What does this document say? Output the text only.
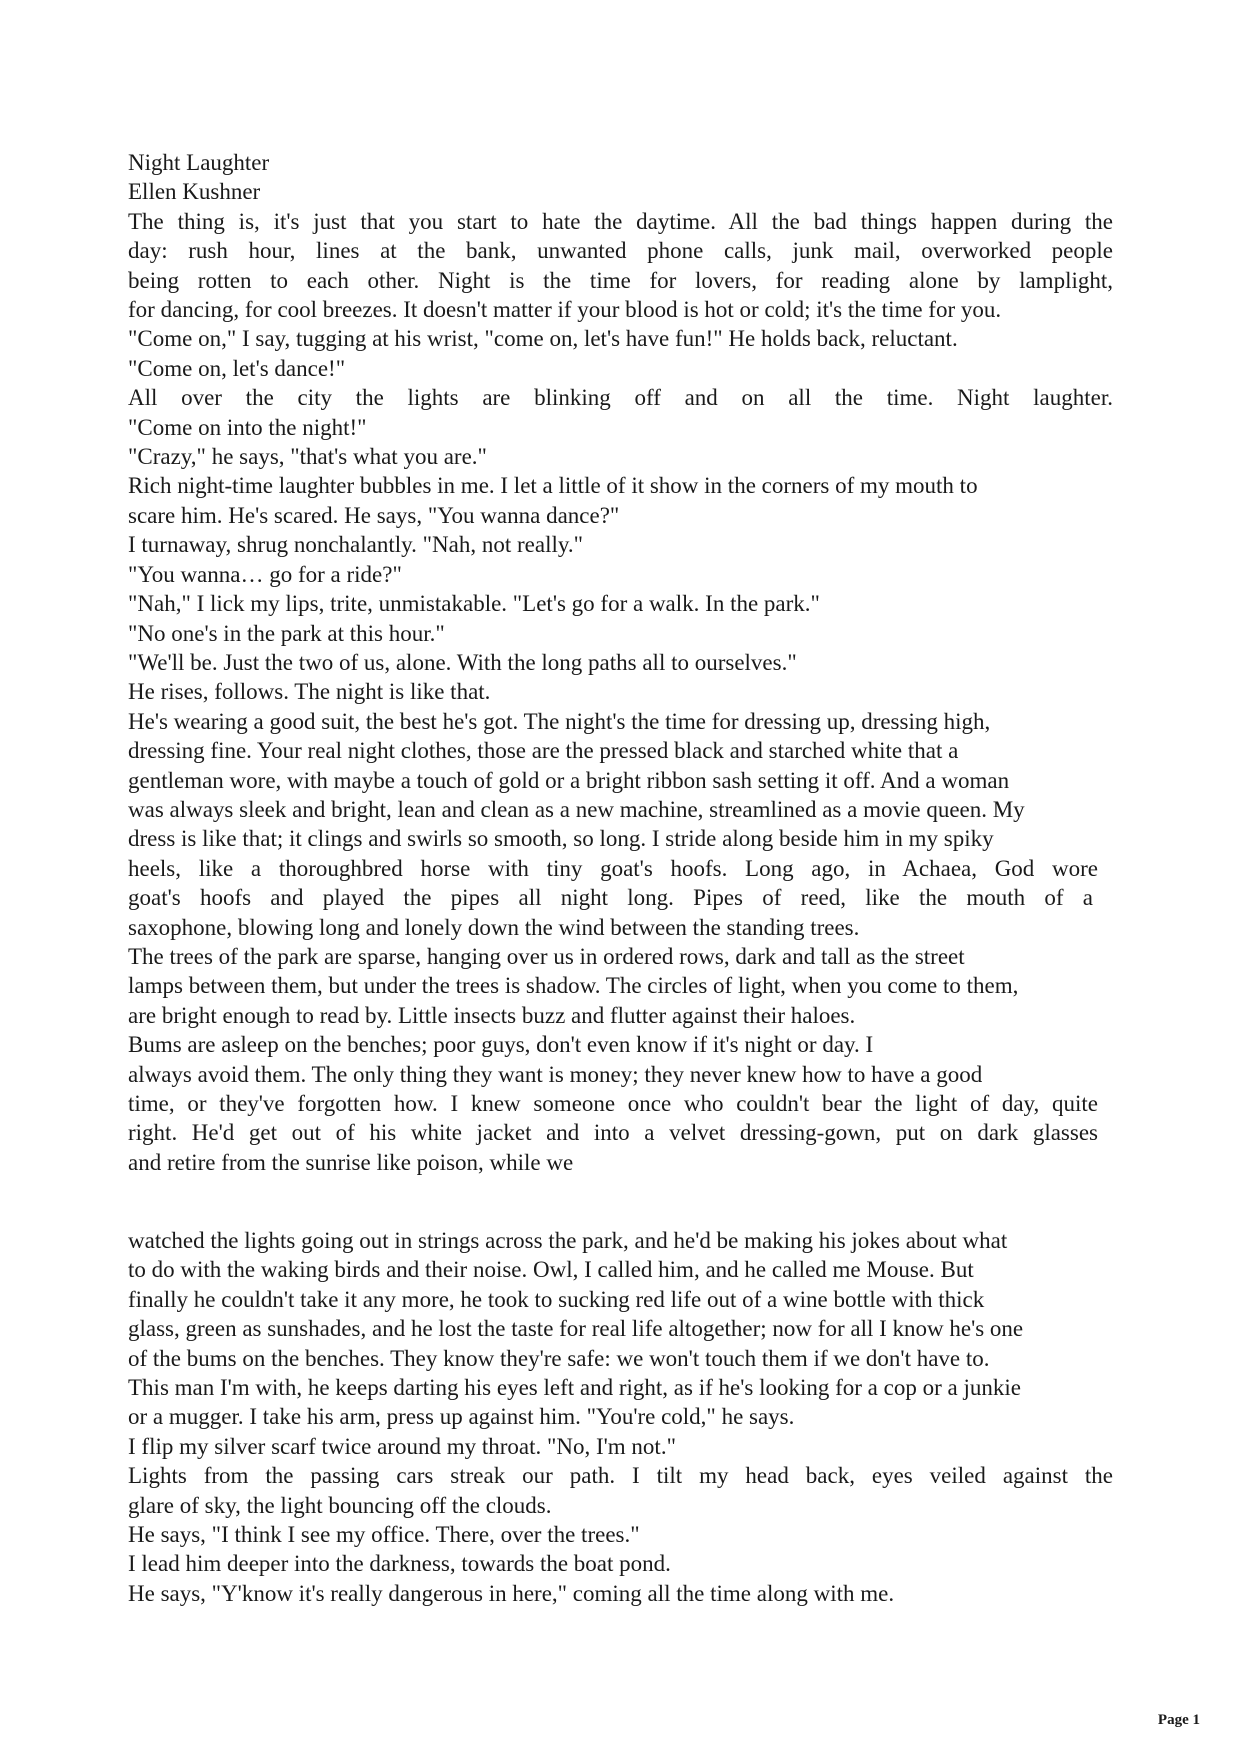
Night Laughter
Ellen Kushner
The thing is, it's just that you start to hate the daytime. All the bad things happen during the
day: rush hour, lines at the bank, unwanted phone calls, junk mail, overworked people
being rotten to each other. Night is the time for lovers, for reading alone by lamplight,
for dancing, for cool breezes. It doesn't matter if your blood is hot or cold; it's the time for you.
"Come on," I say, tugging at his wrist, "come on, let's have fun!" He holds back, reluctant.
"Come on, let's dance!"
All over the city the lights are blinking off and on all the time. Night laughter.
"Come on into the night!"
"Crazy," he says, "that's what you are."
Rich night-time laughter bubbles in me. I let a little of it show in the corners of my mouth to
scare him. He's scared. He says, "You wanna dance?"
I turnaway, shrug nonchalantly. "Nah, not really."
"You wanna… go for a ride?"
"Nah," I lick my lips, trite, unmistakable. "Let's go for a walk. In the park."
"No one's in the park at this hour."
"We'll be. Just the two of us, alone. With the long paths all to ourselves."
He rises, follows. The night is like that.
He's wearing a good suit, the best he's got. The night's the time for dressing up, dressing high,
dressing fine. Your real night clothes, those are the pressed black and starched white that a
gentleman wore, with maybe a touch of gold or a bright ribbon sash setting it off. And a woman
was always sleek and bright, lean and clean as a new machine, streamlined as a movie queen. My
dress is like that; it clings and swirls so smooth, so long. I stride along beside him in my spiky
heels, like a thoroughbred horse with tiny goat's hoofs. Long ago, in Achaea, God wore
goat's hoofs and played the pipes all night long. Pipes of reed, like the mouth of a
saxophone, blowing long and lonely down the wind between the standing trees.
The trees of the park are sparse, hanging over us in ordered rows, dark and tall as the street
lamps between them, but under the trees is shadow. The circles of light, when you come to them,
are bright enough to read by. Little insects buzz and flutter against their haloes.
Bums are asleep on the benches; poor guys, don't even know if it's night or day. I
always avoid them. The only thing they want is money; they never knew how to have a good
time, or they've forgotten how. I knew someone once who couldn't bear the light of day, quite
right. He'd get out of his white jacket and into a velvet dressing-gown, put on dark glasses
and retire from the sunrise like poison, while we
watched the lights going out in strings across the park, and he'd be making his jokes about what
to do with the waking birds and their noise. Owl, I called him, and he called me Mouse. But
finally he couldn't take it any more, he took to sucking red life out of a wine bottle with thick
glass, green as sunshades, and he lost the taste for real life altogether; now for all I know he's one
of the bums on the benches. They know they're safe: we won't touch them if we don't have to.
This man I'm with, he keeps darting his eyes left and right, as if he's looking for a cop or a junkie
or a mugger. I take his arm, press up against him. "You're cold," he says.
I flip my silver scarf twice around my throat. "No, I'm not."
Lights from the passing cars streak our path. I tilt my head back, eyes veiled against the
glare of sky, the light bouncing off the clouds.
He says, "I think I see my office. There, over the trees."
I lead him deeper into the darkness, towards the boat pond.
He says, "Y'know it's really dangerous in here," coming all the time along with me.
Page 1
